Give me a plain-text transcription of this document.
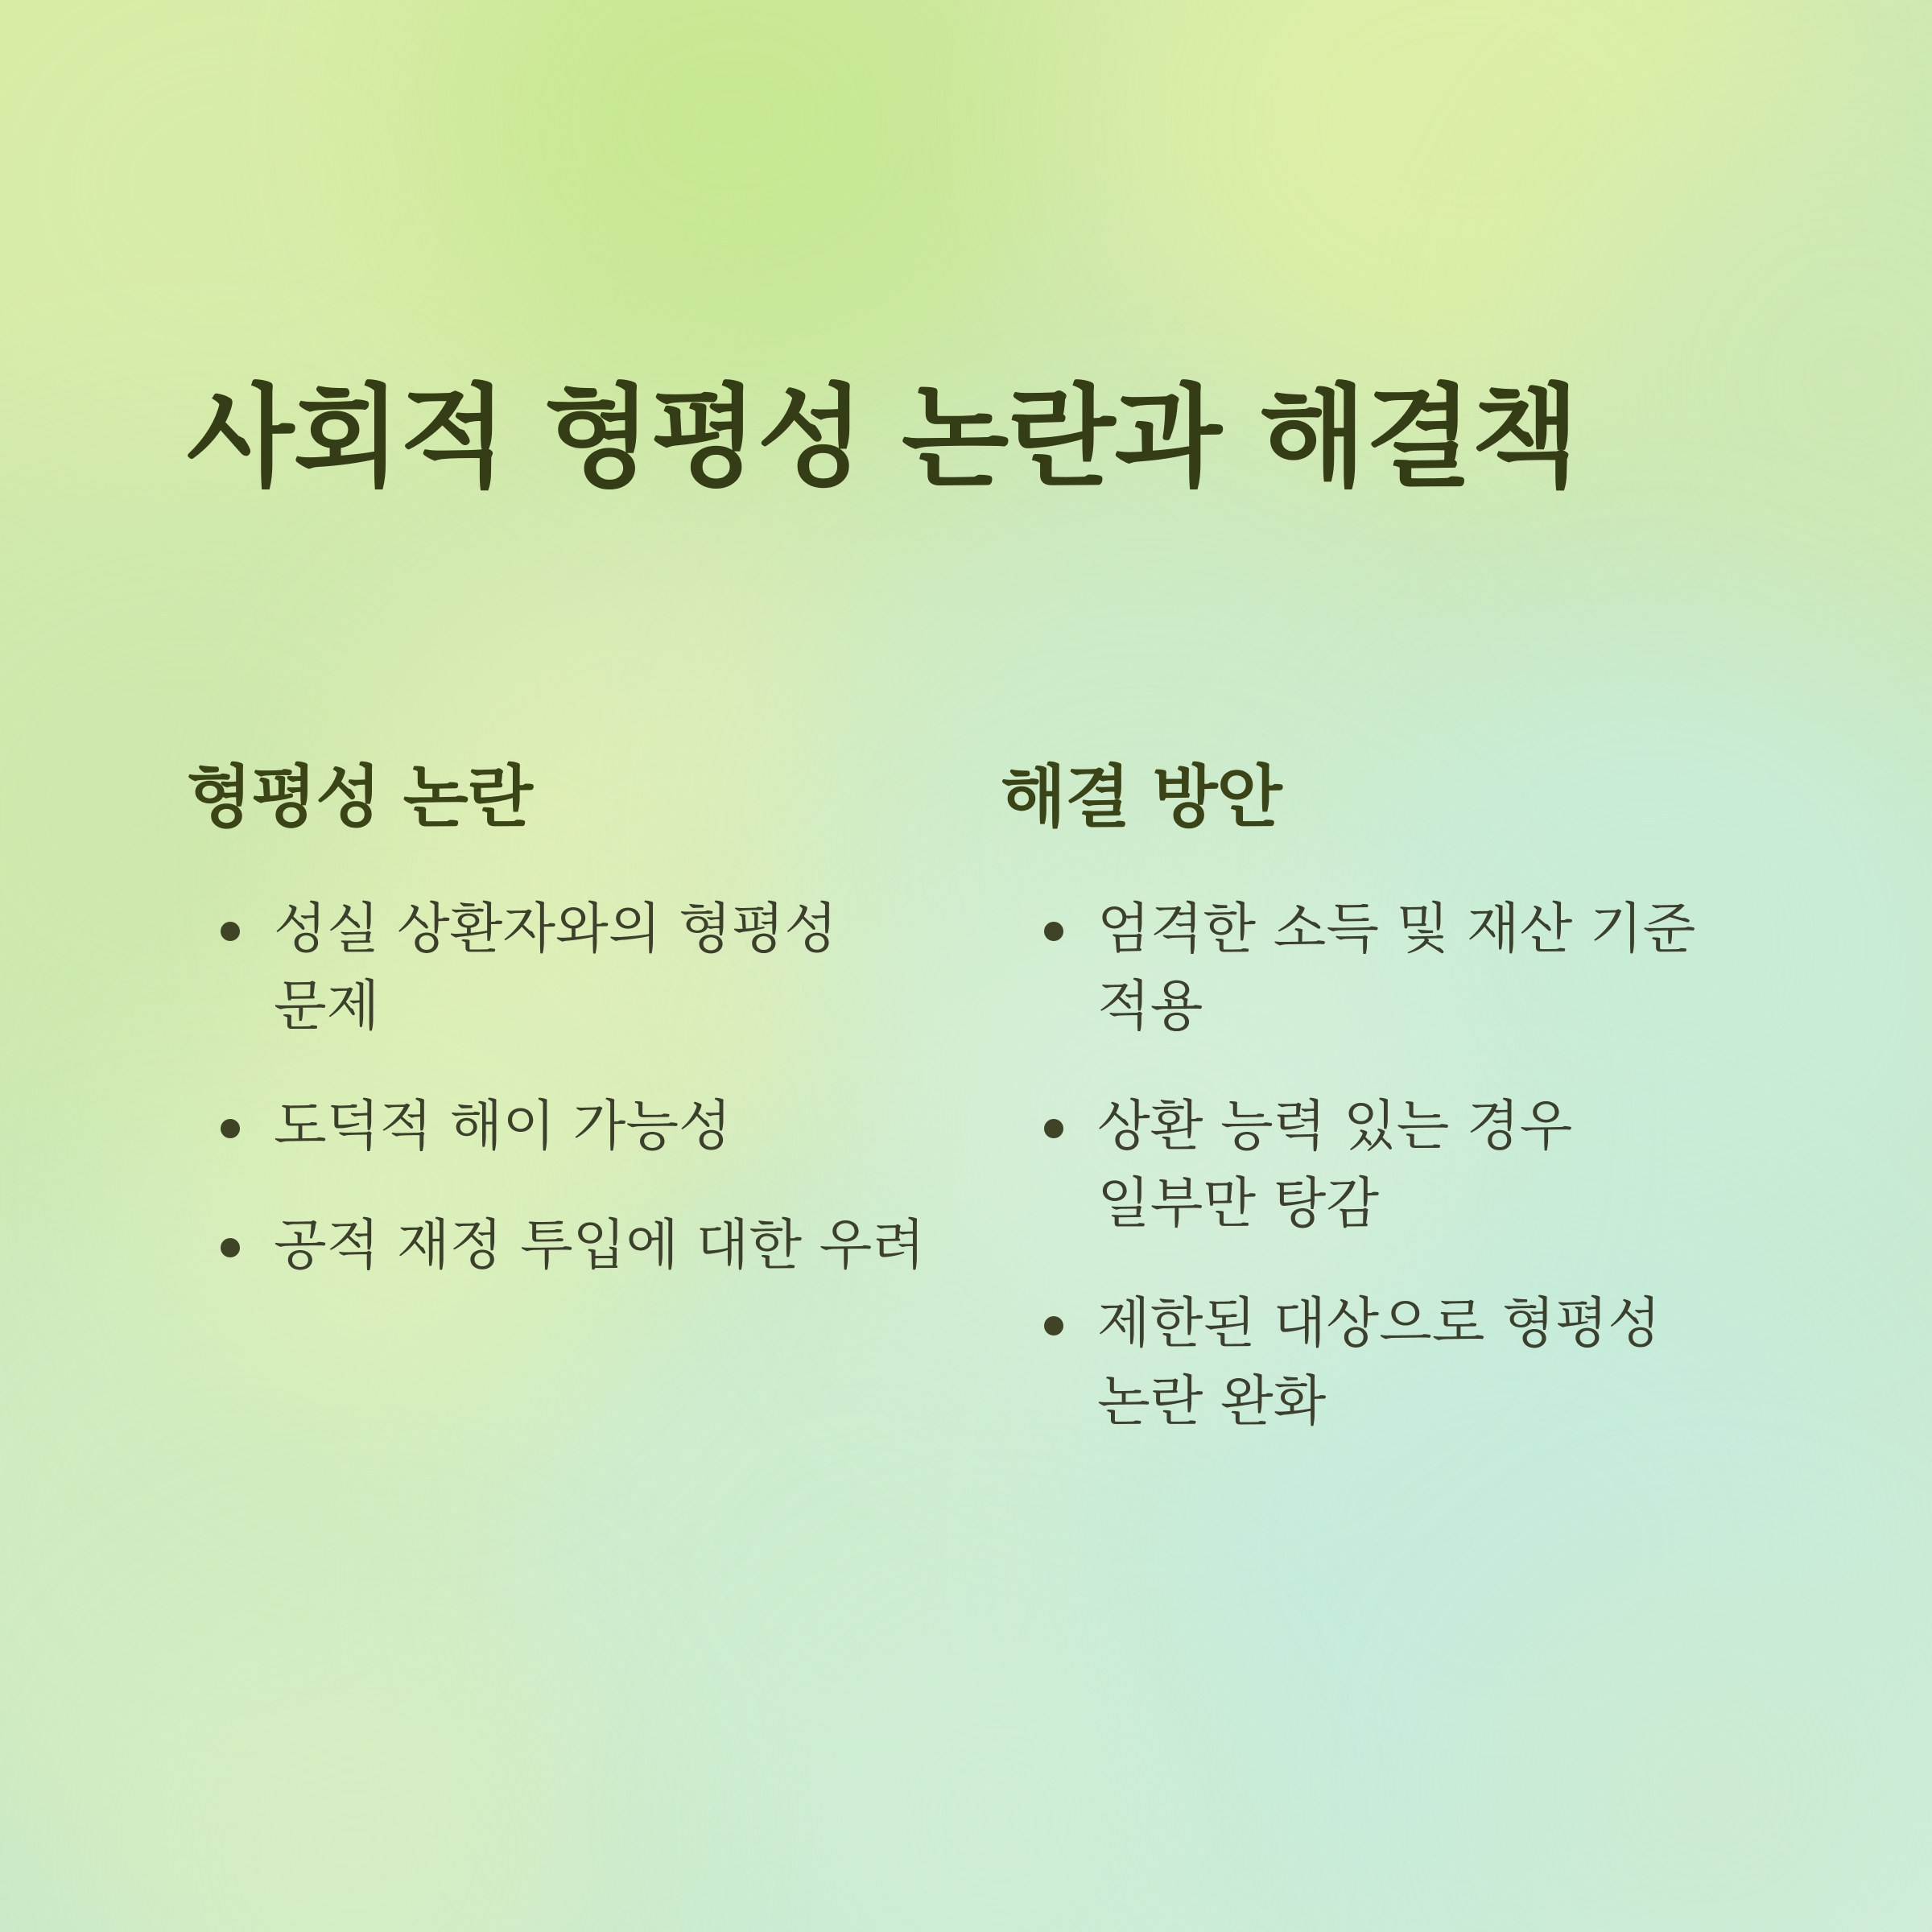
사회적 형평성 논란과 해결책
형평성 논란
성실 상환자와의 형평성 문제
도덕적 해이 가능성
공적 재정 투입에 대한 우려
해결 방안
엄격한 소득 및 재산 기준 적용
상환 능력 있는 경우 일부만 탕감
제한된 대상으로 형평성 논란 완화
